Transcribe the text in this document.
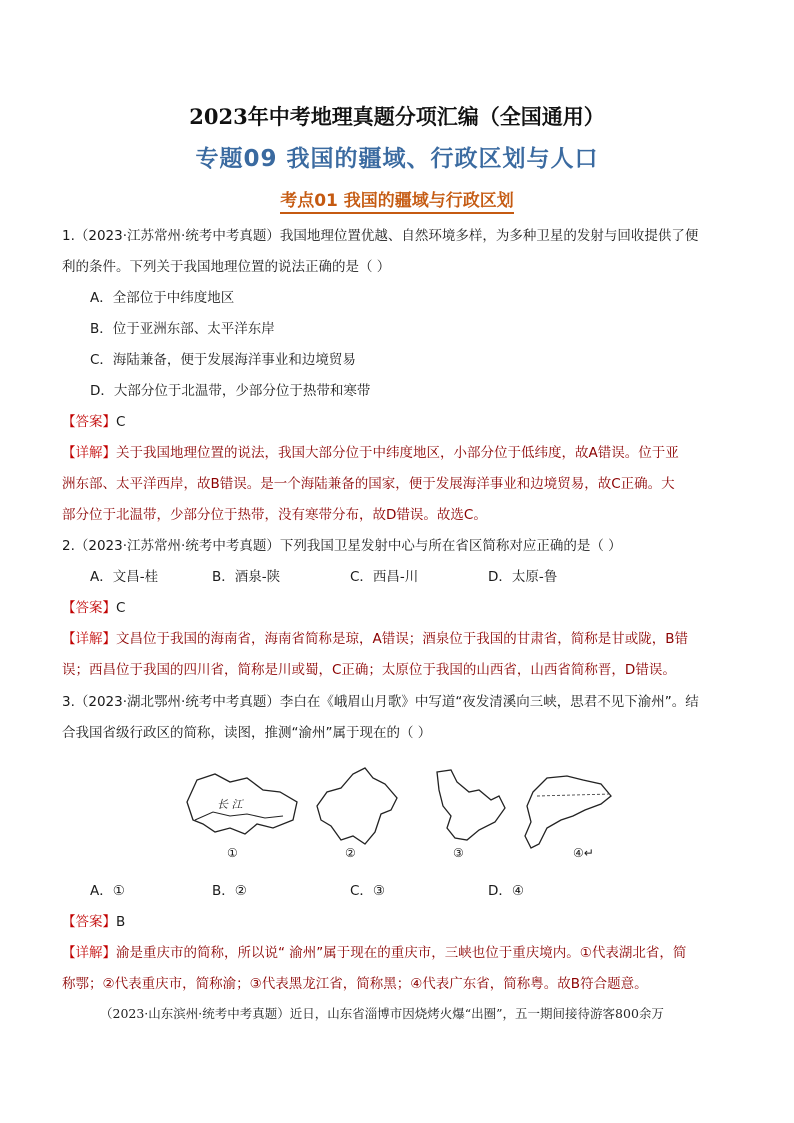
2023年中考地理真题分项汇编（全国通用）
专题09 我国的疆域、行政区划与人口
考点01 我国的疆域与行政区划
1.（2023·江苏常州·统考中考真题）我国地理位置优越、自然环境多样，为多种卫星的发射与回收提供了便
利的条件。下列关于我国地理位置的说法正确的是（ ）
A．全部位于中纬度地区
B．位于亚洲东部、太平洋东岸
C．海陆兼备，便于发展海洋事业和边境贸易
D．大部分位于北温带，少部分位于热带和寒带
【答案】C
【详解】关于我国地理位置的说法，我国大部分位于中纬度地区，小部分位于低纬度，故A错误。位于亚
洲东部、太平洋西岸，故B错误。是一个海陆兼备的国家，便于发展海洋事业和边境贸易，故C正确。大
部分位于北温带，少部分位于热带，没有寒带分布，故D错误。故选C。
2.（2023·江苏常州·统考中考真题）下列我国卫星发射中心与所在省区简称对应正确的是（ ）
A．文昌-桂	B．酒泉-陕	C．西昌-川	D．太原-鲁
【答案】C
【详解】文昌位于我国的海南省，海南省简称是琼，A错误；酒泉位于我国的甘肃省，简称是甘或陇，B错
误；西昌位于我国的四川省，简称是川或蜀，C正确；太原位于我国的山西省，山西省简称晋，D错误。
3.（2023·湖北鄂州·统考中考真题）李白在《峨眉山月歌》中写道“夜发清溪向三峡，思君不见下渝州”。结
合我国省级行政区的简称，读图，推测“渝州”属于现在的（ ）
长 江
①	②	③	④↵
A．①	B．②	C．③	D．④
【答案】B
【详解】渝是重庆市的简称，所以说“ 渝州”属于现在的重庆市，三峡也位于重庆境内。①代表湖北省，简
称鄂；②代表重庆市，简称渝；③代表黑龙江省，简称黑；④代表广东省，简称粤。故B符合题意。
（2023·山东滨州·统考中考真题）近日，山东省淄博市因烧烤火爆“出圈”，五一期间接待游客800余万
